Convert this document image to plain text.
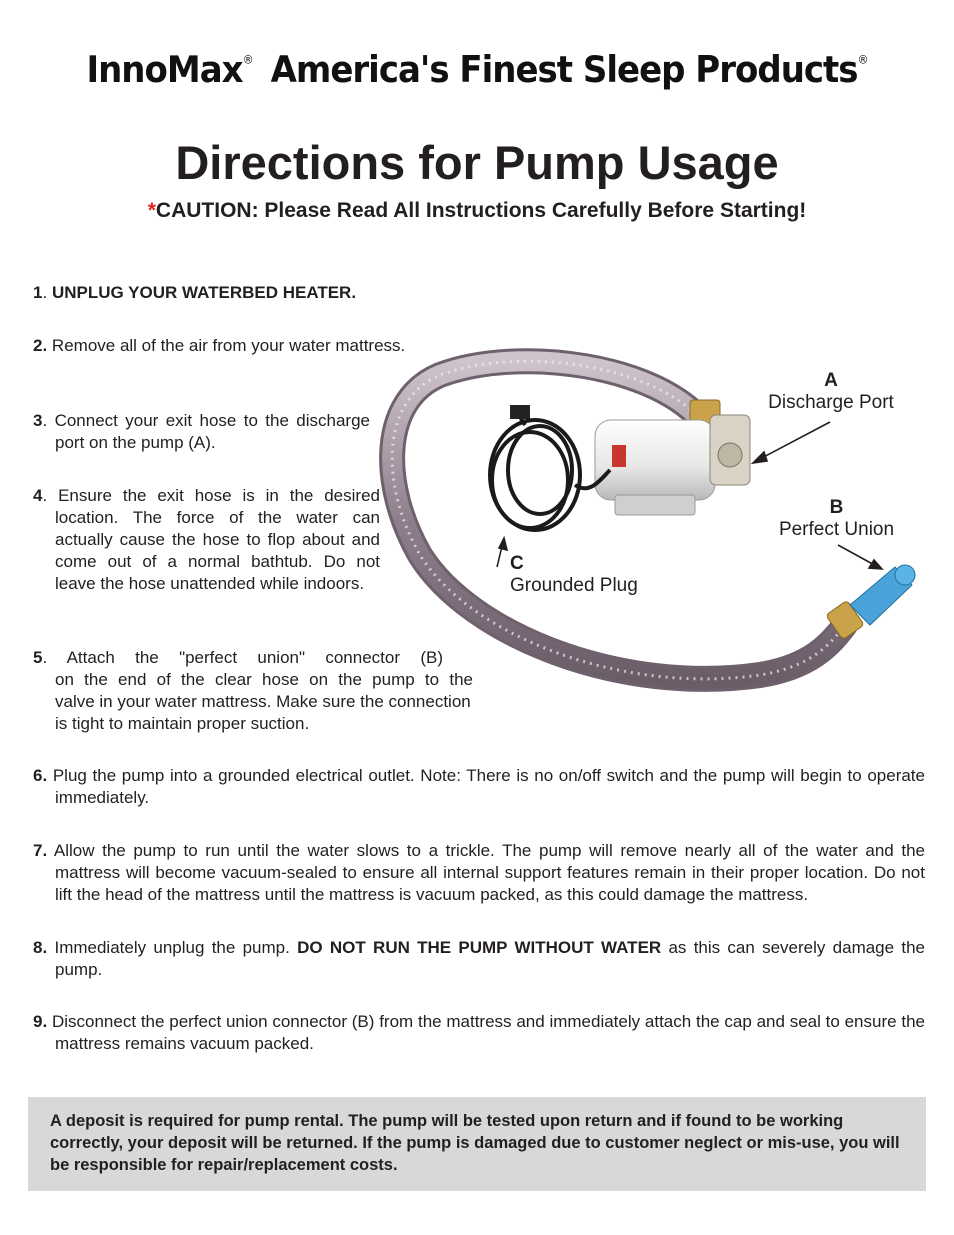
InnoMax® America's Finest Sleep Products®
Directions for Pump Usage
*CAUTION: Please Read All Instructions Carefully Before Starting!
1. UNPLUG YOUR WATERBED HEATER.
2. Remove all of the air from your water mattress.
3. Connect your exit hose to the discharge port on the pump (A).
4. Ensure the exit hose is in the desired location. The force of the water can actually cause the hose to flop about and come out of a normal bathtub. Do not leave the hose unattended while indoors.
5. Attach the "perfect union" connector (B)
on the end of the clear hose on the pump to the
valve in your water mattress. Make sure the connection
is tight to maintain proper suction.
6. Plug the pump into a grounded electrical outlet. Note: There is no on/off switch and the pump will begin to operate immediately.
7. Allow the pump to run until the water slows to a trickle. The pump will remove nearly all of the water and the mattress will become vacuum-sealed to ensure all internal support features remain in their proper location. Do not lift the head of the mattress until the mattress is vacuum packed, as this could damage the mattress.
8. Immediately unplug the pump. DO NOT RUN THE PUMP WITHOUT WATER as this can severely damage the pump.
9. Disconnect the perfect union connector (B) from the mattress and immediately attach the cap and seal to ensure the mattress remains vacuum packed.
A
Discharge Port
B
Perfect Union
C
Grounded Plug
A deposit is required for pump rental. The pump will be tested upon return and if found to be working correctly, your deposit will be returned. If the pump is damaged due to customer neglect or mis-use, you will be responsible for repair/replacement costs.
